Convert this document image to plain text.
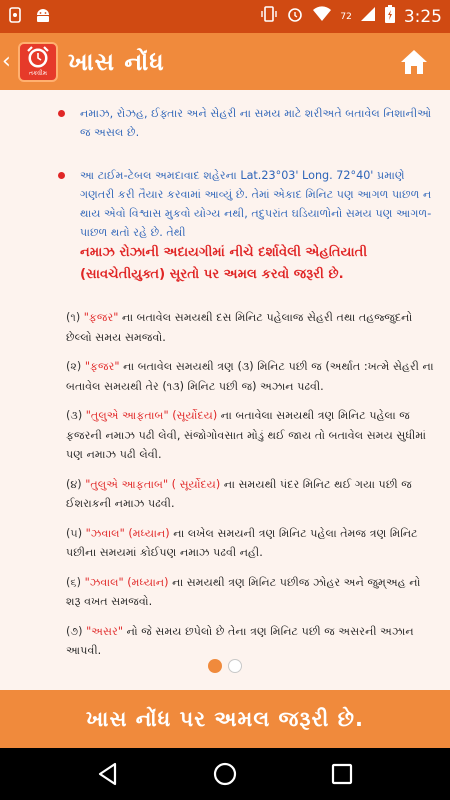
72	3:25
‹	તકવીમ ખાસ નોંધ
નમાઝ, રોઝહ, ઈફ્તાર અને સેહરી ના સમય માટે શરીઅતે બતાવેલ નિશાનીઓ જ અસલ છે.
આ ટાઈમ-ટેબલ અમદાવાદ શહેરના Lat.23°03' Long. 72°40' પ્રમાણે ગણતરી કરી તૈયાર કરવામાં આવ્યું છે. તેમાં એકાદ મિનિટ પણ આગળ પાછળ ન થાય એવો વિશ્વાસ મુકવો યોગ્ય નથી, તદુપરાંત ઘડિયાળોનો સમય પણ આગળ-પાછળ થતો રહે છે. તેથી
નમાઝ રોઝાની અદાયગીમાં નીચે દર્શાવેલી એહતિયાતી (સાવચેતીયુક્ત) સૂરતો પર અમલ કરવો જરૂરી છે.
(૧) "ફજર" ના બતાવેલ સમયથી દસ મિનિટ પહેલાજ સેહરી તથા તહજ્જુદનો છેલ્લો સમય સમજવો.
(૨) "ફજર" ના બતાવેલ સમયથી ત્રણ (૩) મિનિટ પછી જ (અર્થાત :ખત્મે સેહરી ના બતાવેલ સમયથી તેર (૧૩) મિનિટ પછી જ) અઝાન પઢવી.
(૩) "તુલુએ આફતાબ" (સૂર્યોદય) ના બતાવેલા સમયથી ત્રણ મિનિટ પહેલા જ ફજરની નમાઝ પઢી લેવી, સંજોગોવસાત મોડું થઈ જાય તો બતાવેલ સમય સુધીમાં પણ નમાઝ પઢી લેવી.
(૪) "તુલુએ આફતાબ" ( સૂર્યોદય) ના સમયથી પંદર મિનિટ થઈ ગયા પછી જ ઈશરાકની નમાઝ પઢવી.
(૫) "ઝવાલ" (મધ્યાન) ના લખેલ સમયની ત્રણ મિનિટ પહેલા તેમજ ત્રણ મિનિટ પછીના સમયમાં કોઈપણ નમાઝ પઢવી નહી.
(૬) "ઝવાલ" (મધ્યાન) ના સમયથી ત્રણ મિનિટ પછીજ ઝોહર અને જુમ્અહ નો શરૂ વખત સમજવો.
(૭) "અસર" નો જે સમય છપેલો છે તેના ત્રણ મિનિટ પછી જ અસરની અઝાન આપવી.
ખાસ નોંધ પર અમલ જરૂરી છે.
